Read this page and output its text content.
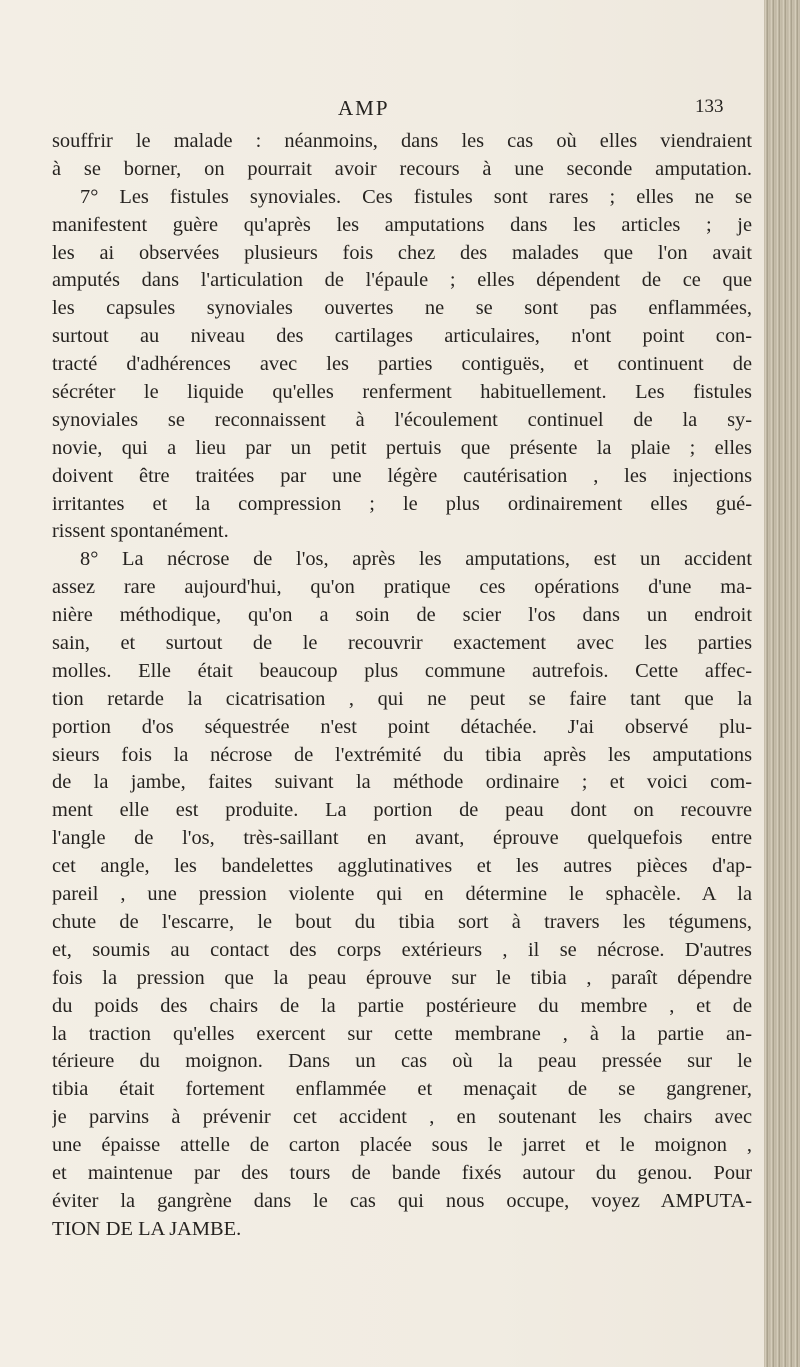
AMP	133
souffrir le malade : néanmoins, dans les cas où elles viendraient
à se borner, on pourrait avoir recours à une seconde amputation.
7° Les fistules synoviales. Ces fistules sont rares ; elles ne se
manifestent guère qu'après les amputations dans les articles ; je
les ai observées plusieurs fois chez des malades que l'on avait
amputés dans l'articulation de l'épaule ; elles dépendent de ce que
les capsules synoviales ouvertes ne se sont pas enflammées,
surtout au niveau des cartilages articulaires, n'ont point con-
tracté d'adhérences avec les parties contiguës, et continuent de
sécréter le liquide qu'elles renferment habituellement. Les fistules
synoviales se reconnaissent à l'écoulement continuel de la sy-
novie, qui a lieu par un petit pertuis que présente la plaie ; elles
doivent être traitées par une légère cautérisation , les injections
irritantes et la compression ; le plus ordinairement elles gué-
rissent spontanément.
8° La nécrose de l'os, après les amputations, est un accident
assez rare aujourd'hui, qu'on pratique ces opérations d'une ma-
nière méthodique, qu'on a soin de scier l'os dans un endroit
sain, et surtout de le recouvrir exactement avec les parties
molles. Elle était beaucoup plus commune autrefois. Cette affec-
tion retarde la cicatrisation , qui ne peut se faire tant que la
portion d'os séquestrée n'est point détachée. J'ai observé plu-
sieurs fois la nécrose de l'extrémité du tibia après les amputations
de la jambe, faites suivant la méthode ordinaire ; et voici com-
ment elle est produite. La portion de peau dont on recouvre
l'angle de l'os, très-saillant en avant, éprouve quelquefois entre
cet angle, les bandelettes agglutinatives et les autres pièces d'ap-
pareil , une pression violente qui en détermine le sphacèle. A la
chute de l'escarre, le bout du tibia sort à travers les tégumens,
et, soumis au contact des corps extérieurs , il se nécrose. D'autres
fois la pression que la peau éprouve sur le tibia , paraît dépendre
du poids des chairs de la partie postérieure du membre , et de
la traction qu'elles exercent sur cette membrane , à la partie an-
térieure du moignon. Dans un cas où la peau pressée sur le
tibia était fortement enflammée et menaçait de se gangrener,
je parvins à prévenir cet accident , en soutenant les chairs avec
une épaisse attelle de carton placée sous le jarret et le moignon ,
et maintenue par des tours de bande fixés autour du genou. Pour
éviter la gangrène dans le cas qui nous occupe, voyez AMPUTA-
TION DE LA JAMBE.
